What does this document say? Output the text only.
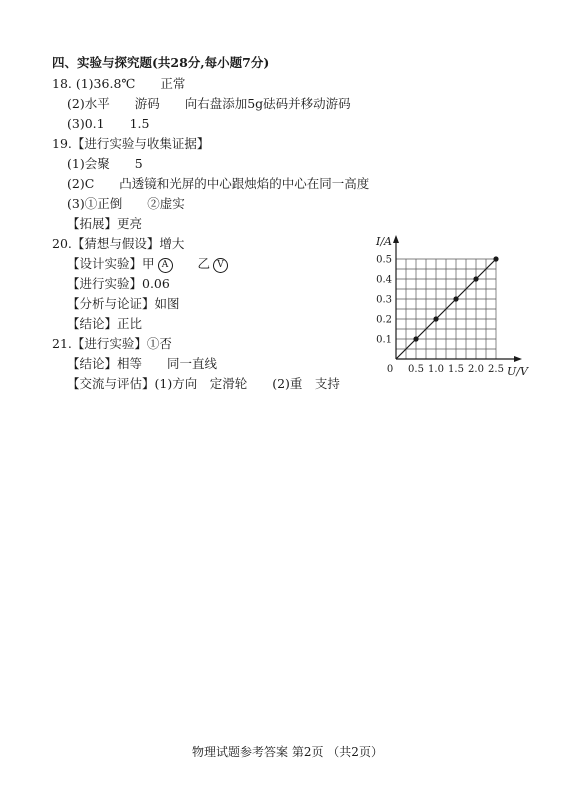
四、实验与探究题(共28分,每小题7分)
18. (1)36.8℃　　正常
(2)水平　　游码　　向右盘添加5g砝码并移动游码
(3)0.1　　1.5
19.【进行实验与收集证据】
(1)会聚　　5
(2)C　　凸透镜和光屏的中心跟烛焰的中心在同一高度
(3)①正倒　　②虚实
【拓展】更亮
20.【猜想与假设】增大
【设计实验】甲 A　　 乙 V
【进行实验】0.06
【分析与论证】如图
【结论】正比
21.【进行实验】①否
【结论】相等　　同一直线
【交流与评估】(1)方向　定滑轮　　(2)重　支持
0.5 1.0 1.5 2.0 2.5
0.1
0.2
0.3
0.4
0.5
I/A
U/V
0
物理试题参考答案 第2页 （共2页）
